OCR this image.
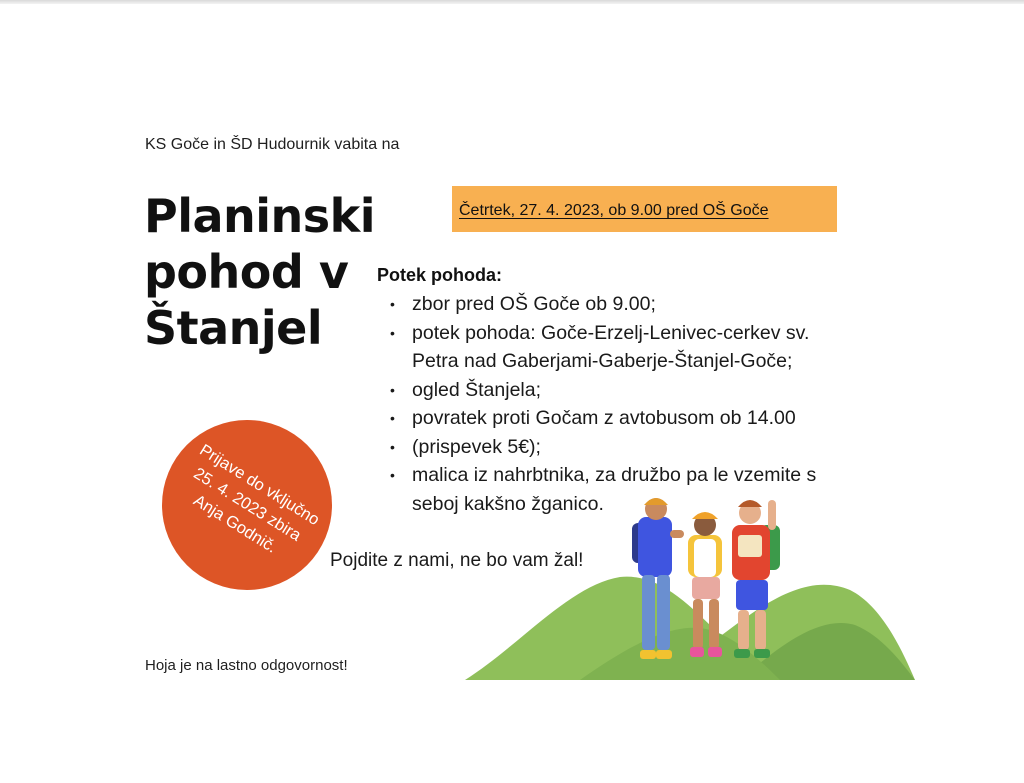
KS Goče in ŠD Hudournik vabita na
Planinski
pohod v
Štanjel
Četrtek, 27. 4. 2023, ob 9.00 pred OŠ Goče
Potek pohoda:
• zbor pred OŠ Goče ob 9.00;
• potek pohoda: Goče-Erzelj-Lenivec-cerkev sv. Petra nad Gaberjami-Gaberje-Štanjel-Goče;
• ogled Štanjela;
• povratek proti Gočam z avtobusom ob 14.00
• (prispevek 5€);
• malica iz nahrbtnika, za družbo pa le vzemite s seboj kakšno žganico.
Prijave do vključno 25. 4. 2023 zbira Anja Godnič.
Pojdite z nami, ne bo vam žal!
Hoja je na lastno odgovornost!
